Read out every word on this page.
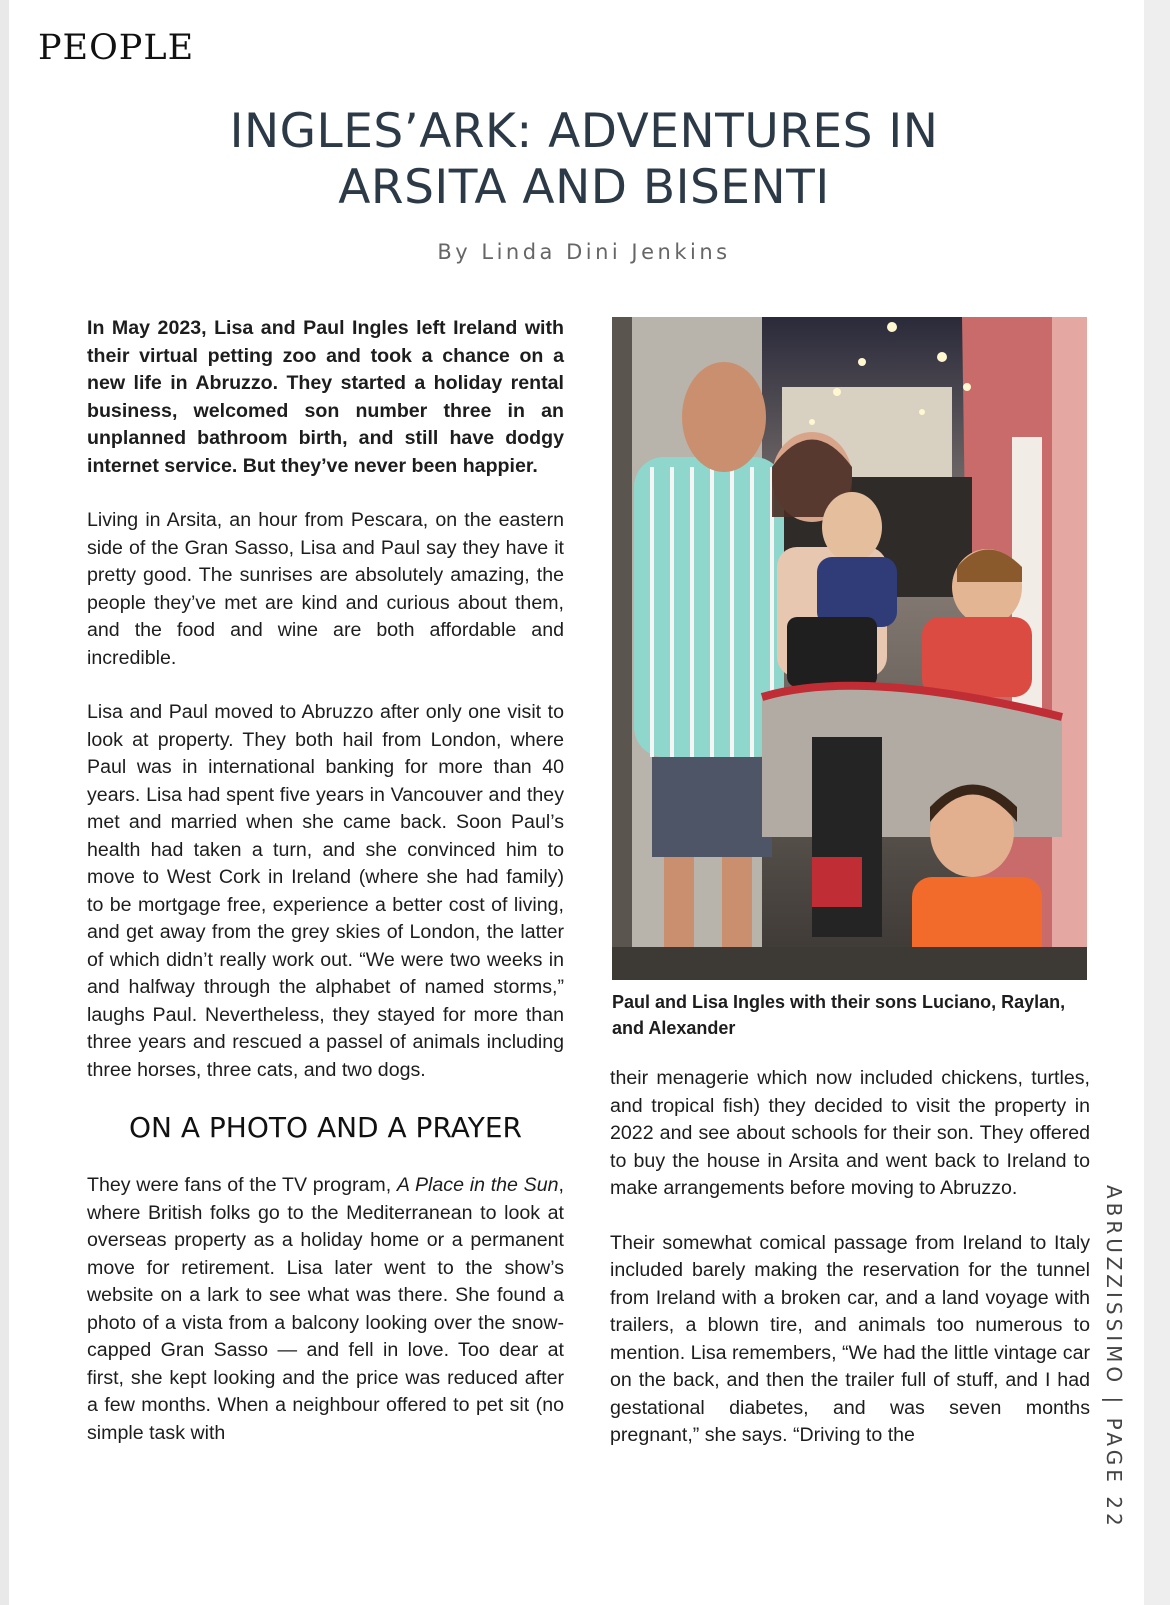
PEOPLE
INGLES’ARK: ADVENTURES IN
ARSITA AND BISENTI
By Linda Dini Jenkins

In May 2023, Lisa and Paul Ingles left Ireland with their virtual petting zoo and took a chance on a new life in Abruzzo. They started a holiday rental business, welcomed son number three in an unplanned bathroom birth, and still have dodgy internet service. But they’ve never been happier.

Living in Arsita, an hour from Pescara, on the eastern side of the Gran Sasso, Lisa and Paul say they have it pretty good. The sunrises are absolutely amazing, the people they’ve met are kind and curious about them, and the food and wine are both affordable and incredible.

Lisa and Paul moved to Abruzzo after only one visit to look at property. They both hail from London, where Paul was in international banking for more than 40 years. Lisa had spent five years in Vancouver and they met and married when she came back. Soon Paul’s health had taken a turn, and she convinced him to move to West Cork in Ireland (where she had family) to be mortgage free, experience a better cost of living, and get away from the grey skies of London, the latter of which didn’t really work out. “We were two weeks in and halfway through the alphabet of named storms,” laughs Paul. Nevertheless, they stayed for more than three years and rescued a passel of animals including three horses, three cats, and two dogs.

ON A PHOTO AND A PRAYER

They were fans of the TV program, A Place in the Sun, where British folks go to the Mediterranean to look at overseas property as a holiday home or a permanent move for retirement. Lisa later went to the show’s website on a lark to see what was there. She found a photo of a vista from a balcony looking over the snow-capped Gran Sasso — and fell in love. Too dear at first, she kept looking and the price was reduced after a few months. When a neighbour offered to pet sit (no simple task with

Paul and Lisa Ingles with their sons Luciano, Raylan, and Alexander

their menagerie which now included chickens, turtles, and tropical fish) they decided to visit the property in 2022 and see about schools for their son. They offered to buy the house in Arsita and went back to Ireland to make arrangements before moving to Abruzzo.

Their somewhat comical passage from Ireland to Italy included barely making the reservation for the tunnel from Ireland with a broken car, and a land voyage with trailers, a blown tire, and animals too numerous to mention. Lisa remembers, “We had the little vintage car on the back, and then the trailer full of stuff, and I had gestational diabetes, and was seven months pregnant,” she says. “Driving to the	ABRUZZISSIMO | PAGE 22
